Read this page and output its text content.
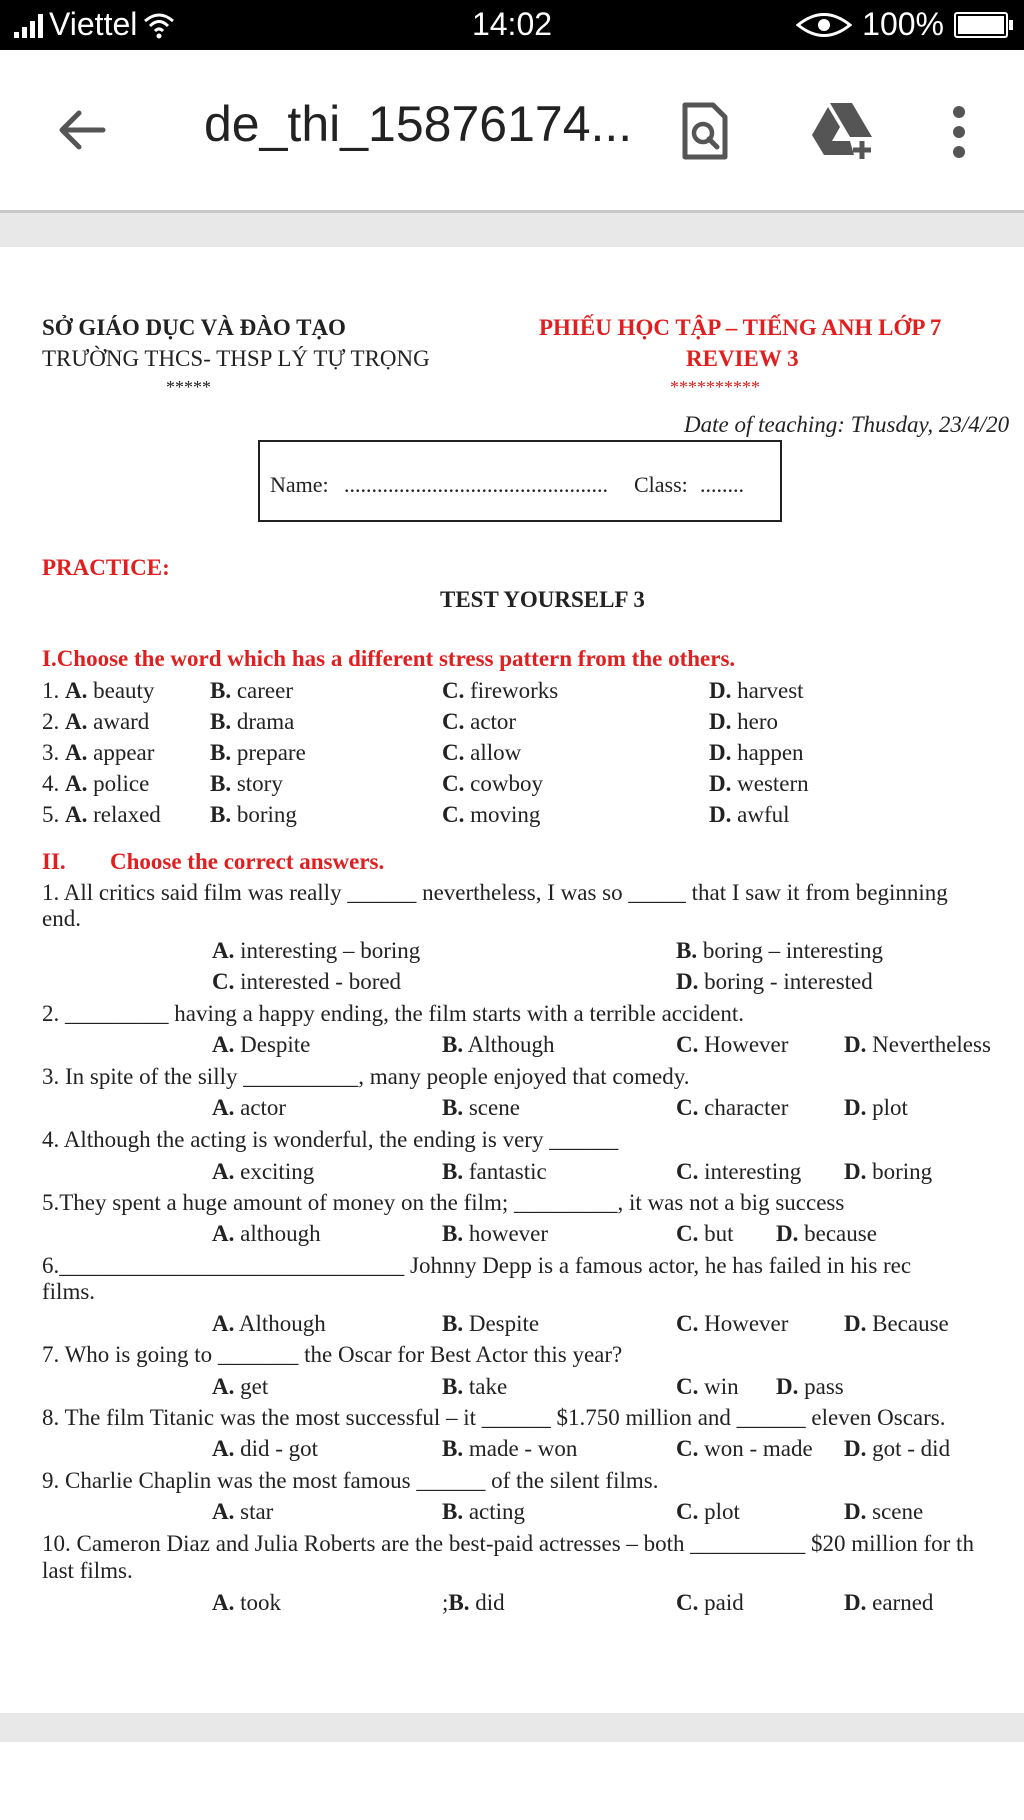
Viettel	14:02	100%
de_thi_15876174...
SỞ GIÁO DỤC VÀ ĐÀO TẠO
TRƯỜNG THCS- THSP LÝ TỰ TRỌNG
*****
PHIẾU HỌC TẬP – TIẾNG ANH LỚP 7
REVIEW 3
**********
Date of teaching: Thusday, 23/4/20
Name: ................................................ Class: ........
PRACTICE:
TEST YOURSELF 3
I.Choose the word which has a different stress pattern from the others.
1. A. beauty B. career	C. fireworks	D. harvest
2. A. award	B. drama	C. actor	D. hero
3. A. appear B. prepare	C. allow	D. happen
4. A. police	B. story	C. cowboy	D. western
5. A. relaxed B. boring	C. moving	D. awful
II. Choose the correct answers.
1. All critics said film was really ______ nevertheless, I was so _____ that I saw it from beginning
end.
A. interesting – boring	B. boring – interesting
C. interested - bored	D. boring - interested
2. _________ having a happy ending, the film starts with a terrible accident.
A. Despite	B. Although	C. However D. Nevertheless
3. In spite of the silly __________, many people enjoyed that comedy.
A. actor	B. scene	C. character D. plot
4. Although the acting is wonderful, the ending is very ______
A. exciting	B. fantastic	C. interesting D. boring
5.They spent a huge amount of money on the film; _________, it was not a big success
A. although	B. however	C. but D. because
6.______________________________ Johnny Depp is a famous actor, he has failed in his rec
films.
A. Although	B. Despite	C. However D. Because
7. Who is going to _______ the Oscar for Best Actor this year?
A. get	B. take	C. win D. pass
8. The film Titanic was the most successful – it ______ $1.750 million and ______ eleven Oscars.
A. did - got	B. made - won	C. won - made D. got - did
9. Charlie Chaplin was the most famous ______ of the silent films.
A. star	B. acting	C. plot	D. scene
10. Cameron Diaz and Julia Roberts are the best-paid actresses – both __________ $20 million for th
last films.
A. took	;B. did	C. paid	D. earned
